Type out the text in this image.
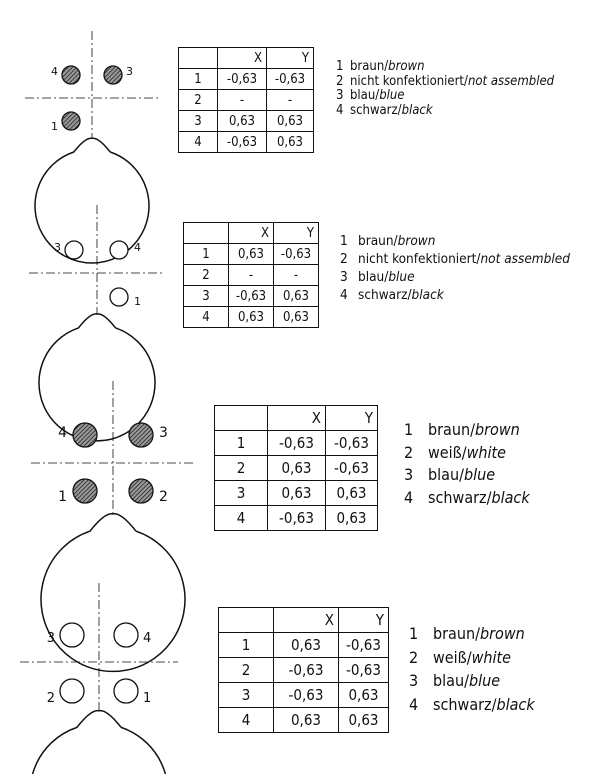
1
3
4
	X	Y
1	-0,63	-0,63
2	-	-
3	0,63	0,63
4	-0,63	0,63
1 braun/brown
2 nicht konfektioniert/not assembled
3 blau/blue
4 schwarz/black
1
3	4
	X	Y
1	0,63	-0,63
2	-	-
3	-0,63	0,63
4	0,63	0,63
1 braun/brown
2 nicht konfektioniert/not assembled
3 blau/blue
4 schwarz/black
1	2
3
4
	X	Y
1	-0,63	-0,63
2	0,63	-0,63
3	0,63	0,63
4	-0,63	0,63
1 braun/brown
2 weiß/white
3 blau/blue
4 schwarz/black
1
2
3	4
	X	Y
1	0,63	-0,63
2	-0,63	-0,63
3	-0,63	0,63
4	0,63	0,63
1 braun/brown
2 weiß/white
3 blau/blue
4 schwarz/black
